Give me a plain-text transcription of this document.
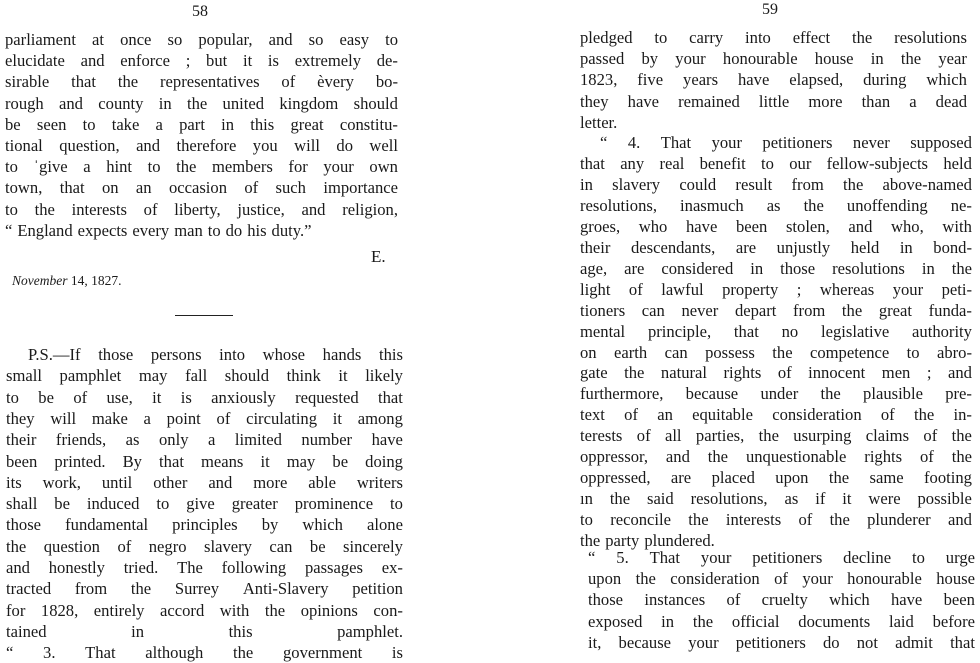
58
parliament at once so popular, and so easy to
elucidate and enforce ; but it is extremely de-
sirable that the representatives of èvery bo-
rough and county in the united kingdom should
be seen to take a part in this great constitu-
tional question, and therefore you will do well
to ˈgive a hint to the members for your own
town, that on an occasion of such importance
to the interests of liberty, justice, and religion,
“ England expects every man to do his duty.”
P.S.—If those persons into whose hands this
small pamphlet may fall should think it likely
to be of use, it is anxiously requested that
they will make a point of circulating it among
their friends, as only a limited number have
been printed. By that means it may be doing
its work, until other and more able writers
shall be induced to give greater prominence to
those fundamental principles by which alone
the question of negro slavery can be sincerely
and honestly tried. The following passages ex-
tracted from the Surrey Anti-Slavery petition
for 1828, entirely accord with the opinions con-
tained	in	this	pamphlet.
“ 3. That although the government is
E.
November 14, 1827.
59
pledged to carry into effect the resolutions
passed by your honourable house in the year
1823, five years have elapsed, during which
they have remained little more than a dead
letter.
“ 4. That your petitioners never supposed
that any real benefit to our fellow-subjects held
in slavery could result from the above-named
resolutions, inasmuch as the unoffending ne-
groes, who have been stolen, and who, with
their descendants, are unjustly held in bond-
age, are considered in those resolutions in the
light of lawful property ; whereas your peti-
tioners can never depart from the great funda-
mental principle, that no legislative authority
on earth can possess the competence to abro-
gate the natural rights of innocent men ; and
furthermore, because under the plausible pre-
text of an equitable consideration of the in-
terests of all parties, the usurping claims of the
oppressor, and the unquestionable rights of the
oppressed, are placed upon the same footing
ın the said resolutions, as if it were possible
to reconcile the interests of the plunderer and
the party plundered.
“ 5. That your petitioners decline to urge
upon the consideration of your honourable house
those instances of cruelty which have been
exposed in the official documents laid before
it, because your petitioners do not admit that
